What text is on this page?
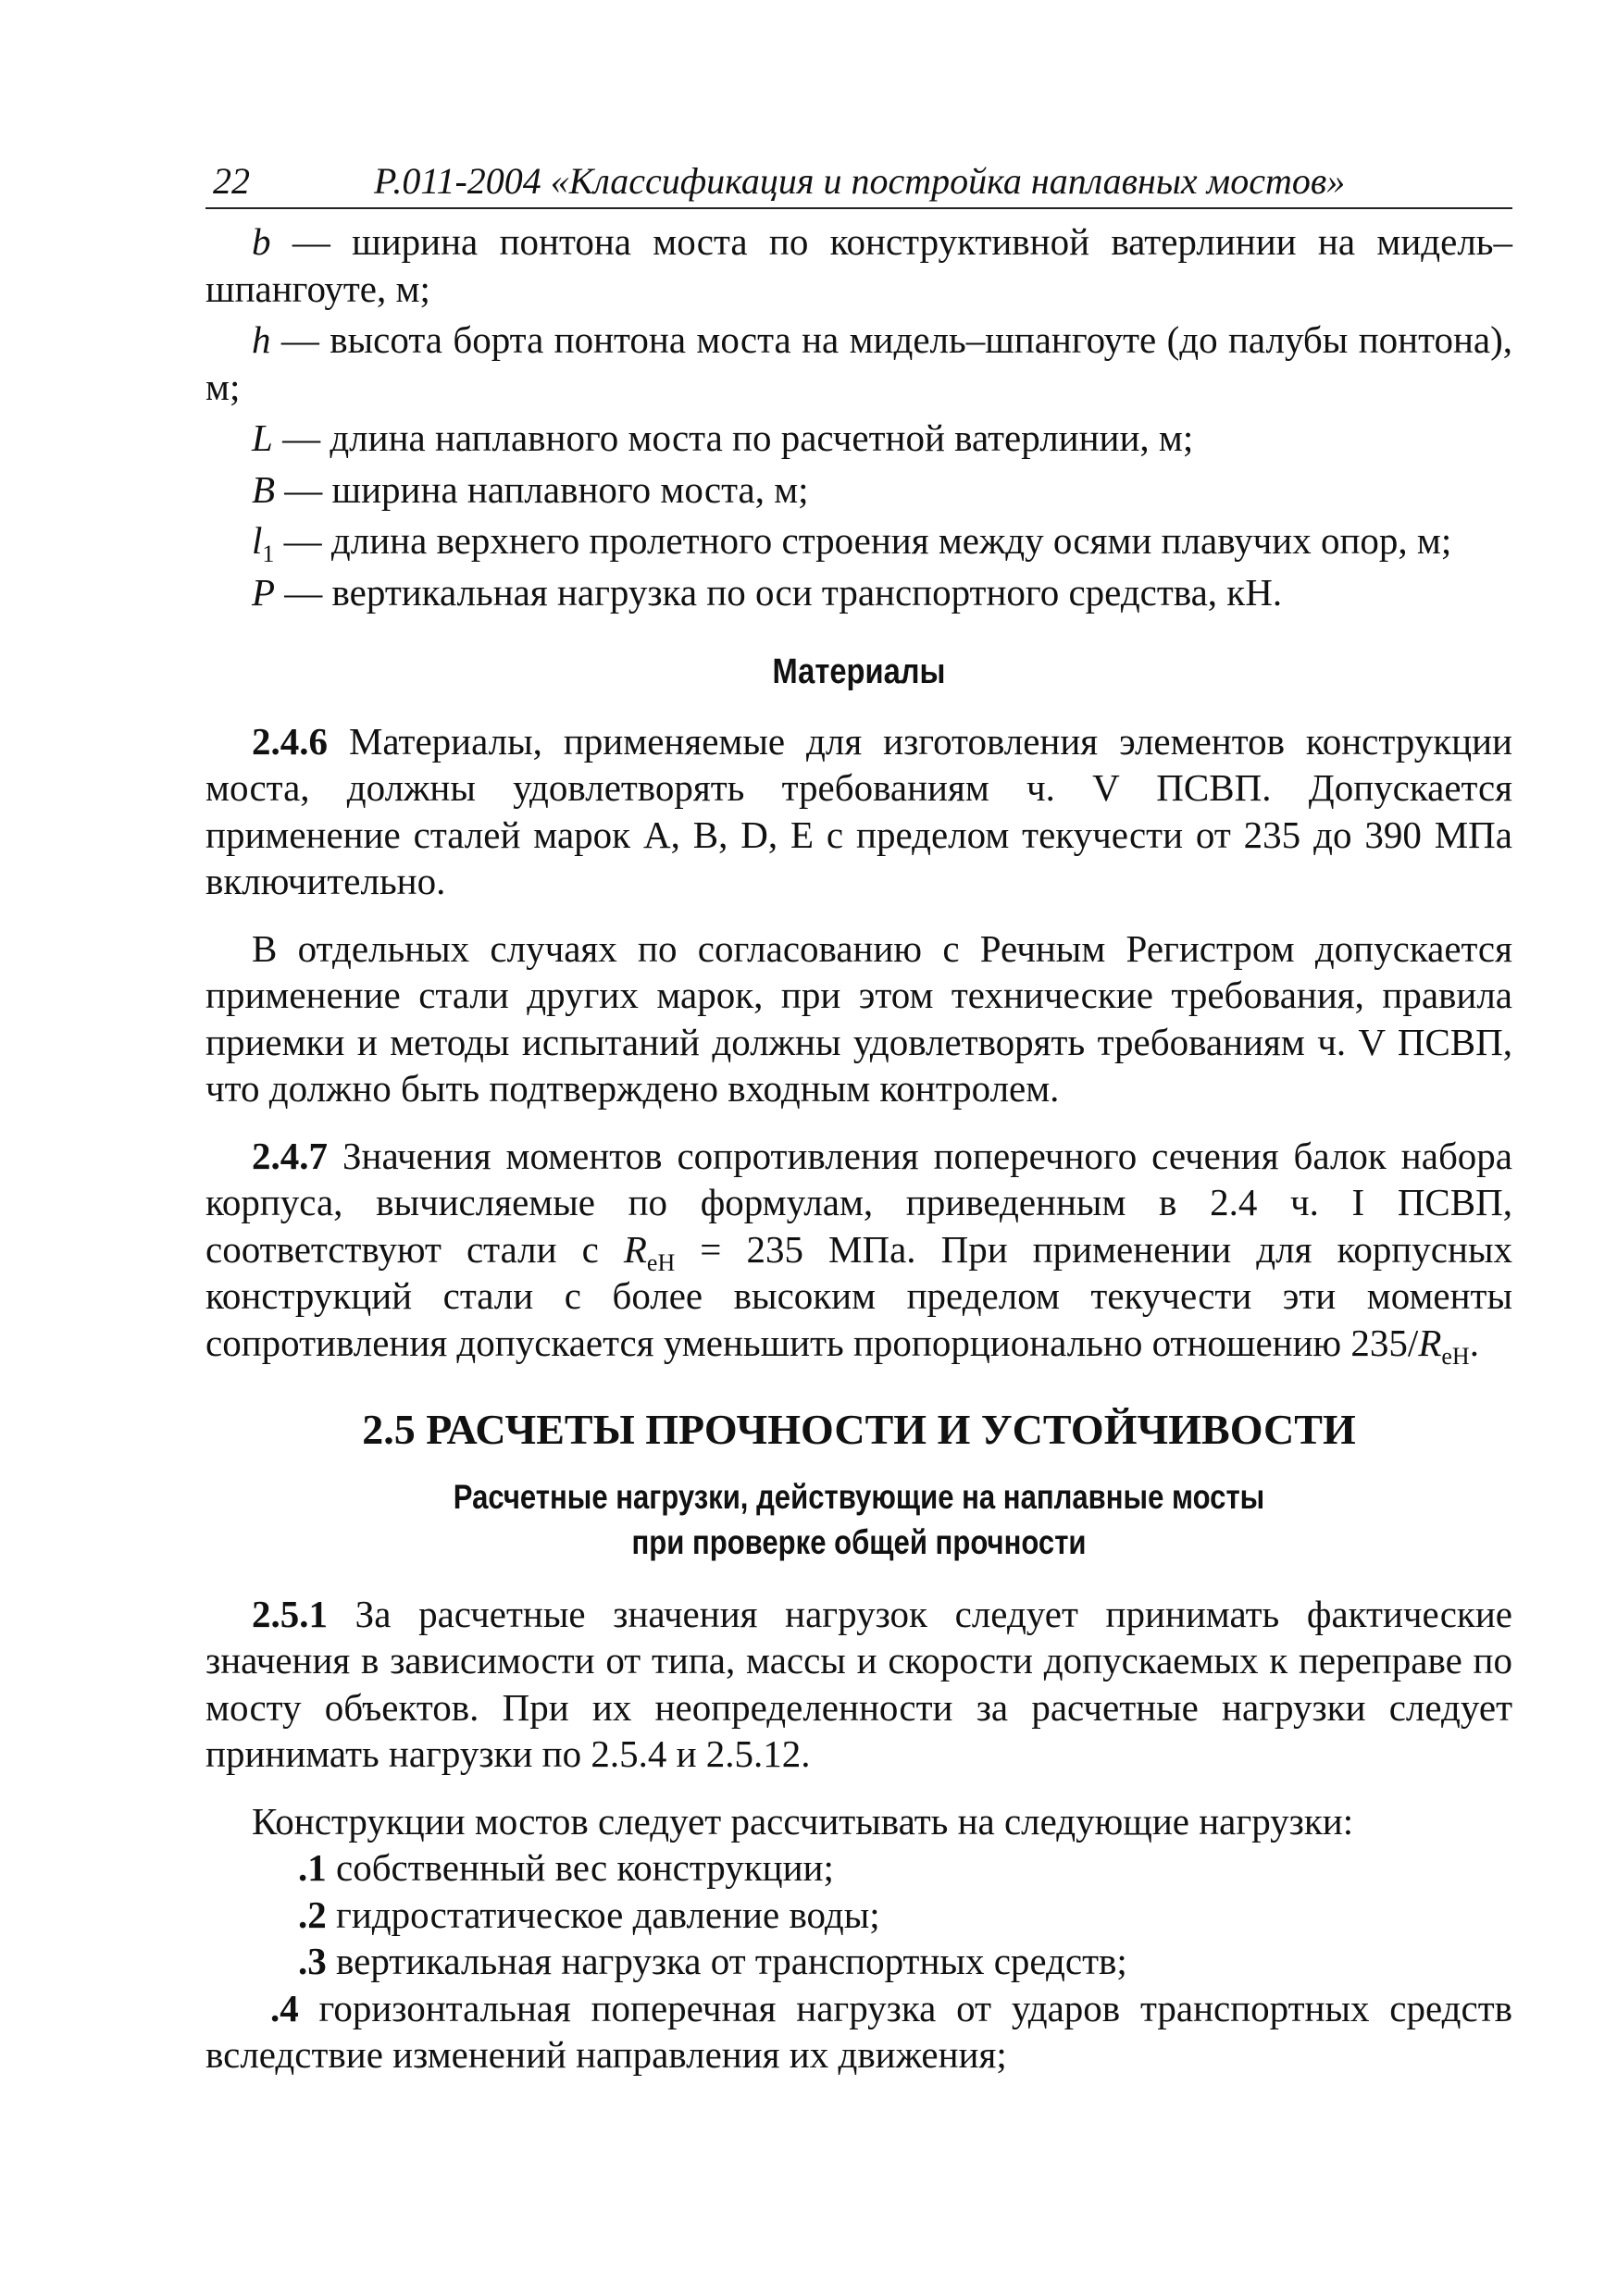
22	Р.011-2004 «Классификация и постройка наплавных мостов»

b — ширина понтона моста по конструктивной ватерлинии на мидель–шпангоуте, м;

h — высота борта понтона моста на мидель–шпангоуте (до палубы понтона), м;

L — длина наплавного моста по расчетной ватерлинии, м;

B — ширина наплавного моста, м;

$l_1$ — длина верхнего пролетного строения между осями плавучих опор, м;

P — вертикальная нагрузка по оси транспортного средства, кН.

Материалы

2.4.6 Материалы, применяемые для изготовления элементов конструкции моста, должны удовлетворять требованиям ч. V ПСВП. Допускается применение сталей марок А, В, D, Е с пределом текучести от 235 до 390 МПа включительно.

В отдельных случаях по согласованию с Речным Регистром допускается применение стали других марок, при этом технические требования, правила приемки и методы испытаний должны удовлетворять требованиям ч. V ПСВП, что должно быть подтверждено входным контролем.

2.4.7 Значения моментов сопротивления поперечного сечения балок набора корпуса, вычисляемые по формулам, приведенным в 2.4 ч. I ПСВП, соответствуют стали с $R_{eH} = 235$ МПа. При применении для корпусных конструкций стали с более высоким пределом текучести эти моменты сопротивления допускается уменьшить пропорционально отношению $235/R_{eH}$.

2.5 РАСЧЕТЫ ПРОЧНОСТИ И УСТОЙЧИВОСТИ

Расчетные нагрузки, действующие на наплавные мосты
при проверке общей прочности

2.5.1 За расчетные значения нагрузок следует принимать фактические значения в зависимости от типа, массы и скорости допускаемых к переправе по мосту объектов. При их неопределенности за расчетные нагрузки следует принимать нагрузки по 2.5.4 и 2.5.12.

Конструкции мостов следует рассчитывать на следующие нагрузки:

.1 собственный вес конструкции;

.2 гидростатическое давление воды;

.3 вертикальная нагрузка от транспортных средств;

.4 горизонтальная поперечная нагрузка от ударов транспортных средств вследствие изменений направления их движения;
